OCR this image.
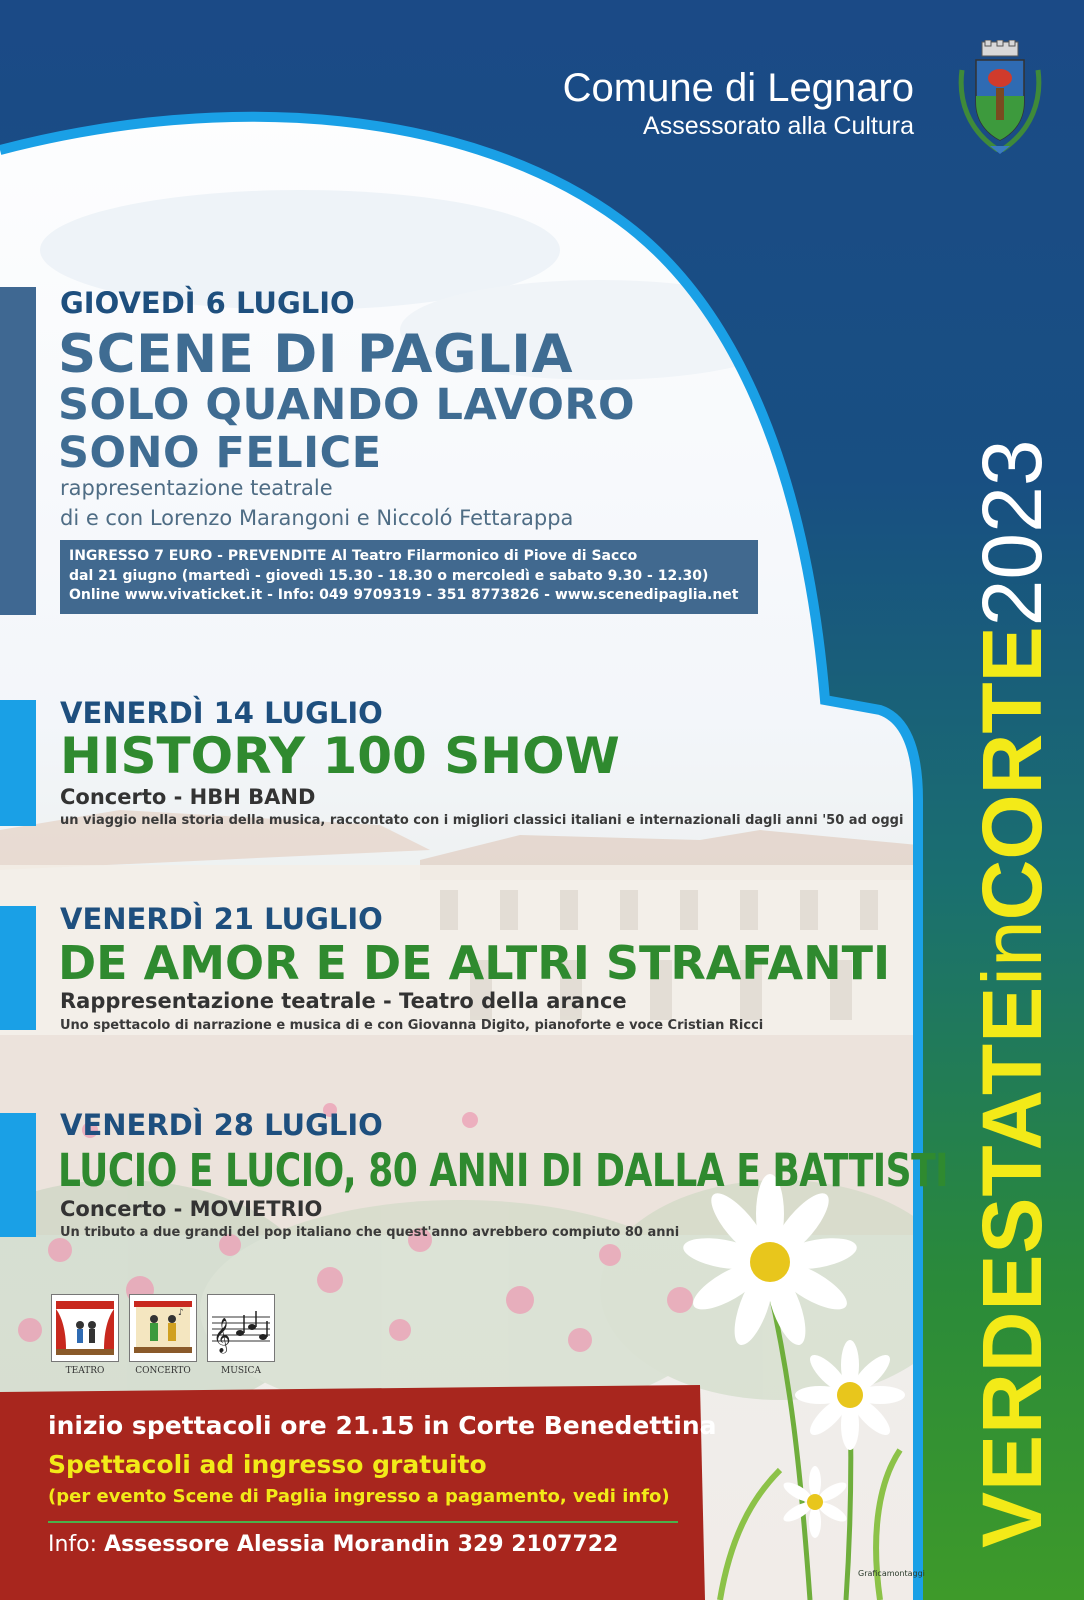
Comune di Legnaro
Assessorato alla Cultura
VERDESTATEinCORTE2023
GIOVEDÌ 6 LUGLIO
SCENE DI PAGLIA
SOLO QUANDO LAVORO
SONO FELICE
rappresentazione teatrale
di e con Lorenzo Marangoni e Niccoló Fettarappa
INGRESSO 7 EURO - PREVENDITE Al Teatro Filarmonico di Piove di Sacco
dal 21 giugno (martedì - giovedì 15.30 - 18.30 o mercoledì e sabato 9.30 - 12.30)
Online www.vivaticket.it - Info: 049 9709319 - 351 8773826 - www.scenedipaglia.net
VENERDÌ 14 LUGLIO
HISTORY 100 SHOW
Concerto - HBH BAND
un viaggio nella storia della musica, raccontato con i migliori classici italiani e internazionali dagli anni '50 ad oggi
VENERDÌ 21 LUGLIO
DE AMOR E DE ALTRI STRAFANTI
Rappresentazione teatrale - Teatro della arance
Uno spettacolo di narrazione e musica di e con Giovanna Digito, pianoforte e voce Cristian Ricci
VENERDÌ 28 LUGLIO
LUCIO E LUCIO, 80 ANNI DI DALLA E BATTISTI
Concerto - MOVIETRIO
Un tributo a due grandi del pop italiano che quest'anno avrebbero compiuto 80 anni
♪
𝄞
TEATRO	CONCERTO	MUSICA
inizio spettacoli ore 21.15 in Corte Benedettina
Spettacoli ad ingresso gratuito
(per evento Scene di Paglia ingresso a pagamento, vedi info)
Info: Assessore Alessia Morandin 329 2107722
Graficamontaggi
